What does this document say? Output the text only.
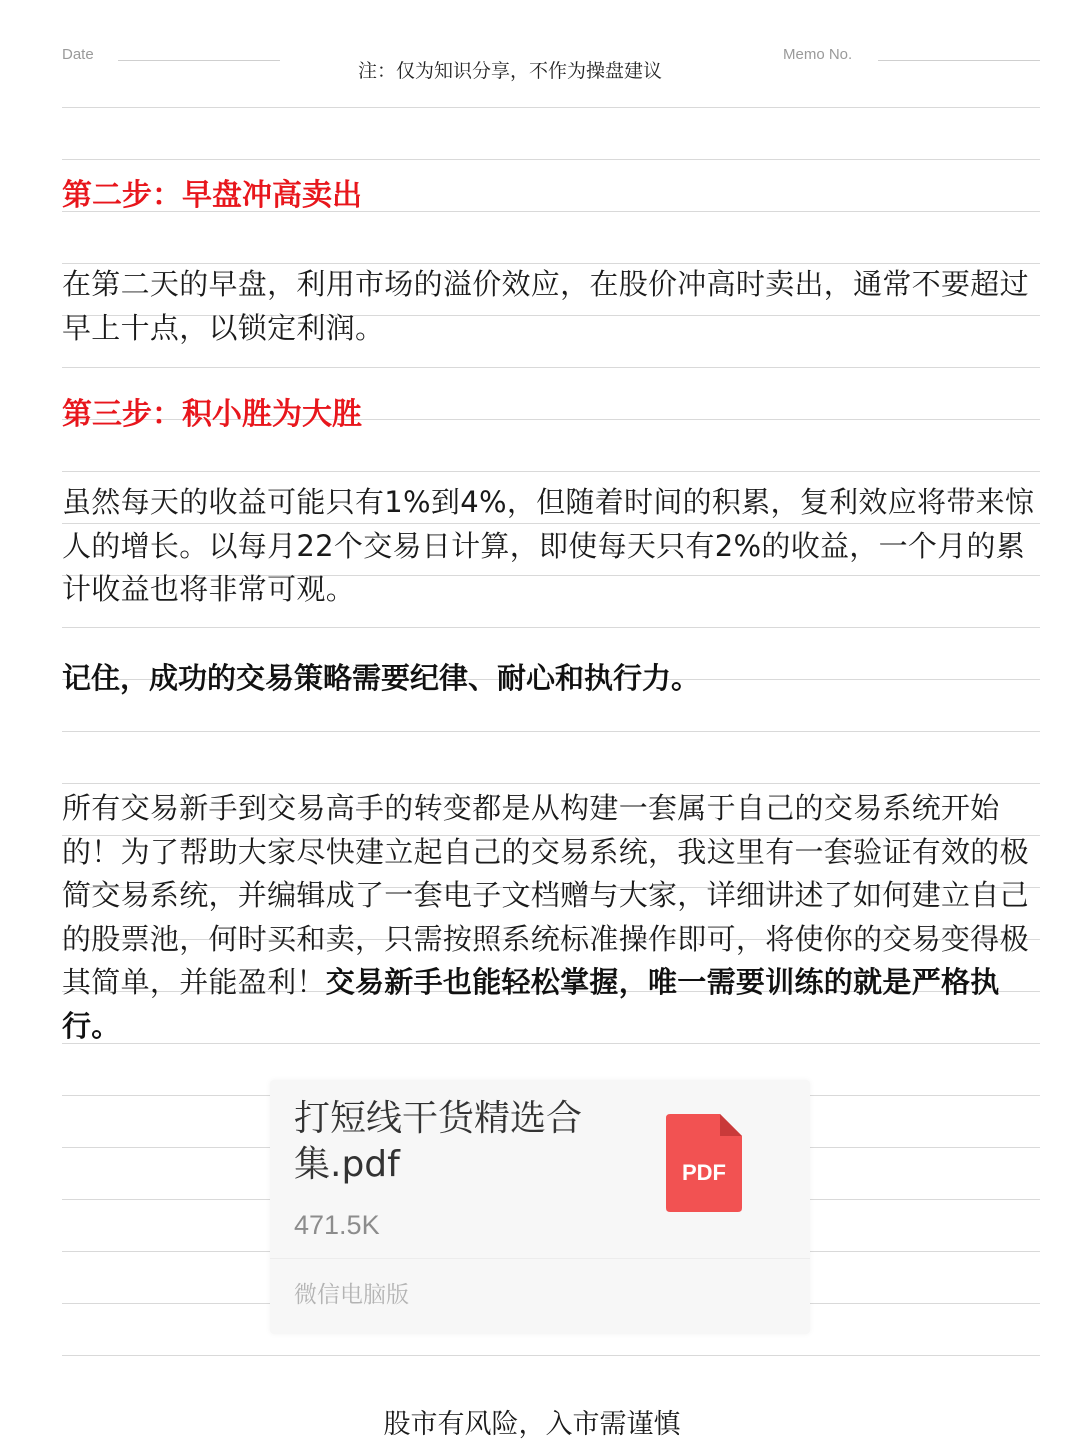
Date
注：仅为知识分享，不作为操盘建议
Memo No.
第二步：早盘冲高卖出
在第二天的早盘，利用市场的溢价效应，在股价冲高时卖出，通常不要超过早上十点，以锁定利润。
第三步：积小胜为大胜
虽然每天的收益可能只有1%到4%，但随着时间的积累，复利效应将带来惊人的增长。以每月22个交易日计算，即使每天只有2%的收益，一个月的累计收益也将非常可观。
记住，成功的交易策略需要纪律、耐心和执行力。
所有交易新手到交易高手的转变都是从构建一套属于自己的交易系统开始的！为了帮助大家尽快建立起自己的交易系统，我这里有一套验证有效的极简交易系统，并编辑成了一套电子文档赠与大家，详细讲述了如何建立自己的股票池，何时买和卖，只需按照系统标准操作即可，将使你的交易变得极其简单，并能盈利！交易新手也能轻松掌握，唯一需要训练的就是严格执行。
打短线干货精选合集.pdf
471.5K
PDF
微信电脑版
股市有风险，入市需谨慎
